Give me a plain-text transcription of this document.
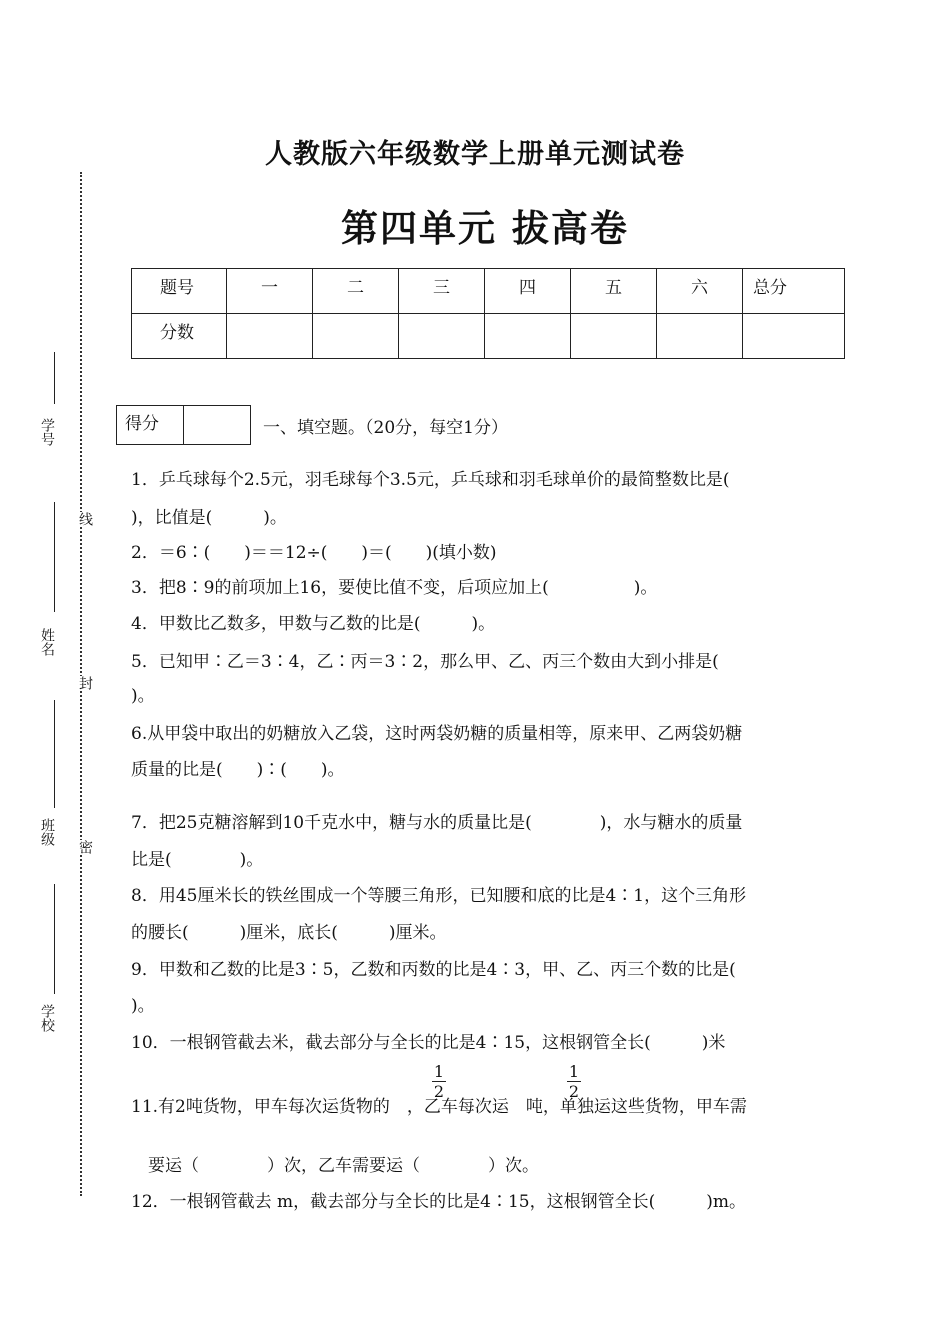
人教版六年级数学上册单元测试卷
第四单元 拔高卷
题号	一	二	三	四	五	六	总分

分数							

学号
姓名
班级
学校
线
封
密
得分	一、填空题。（20分，每空1分）
1．乒乓球每个2.5元，羽毛球每个3.5元，乒乓球和羽毛球单价的最简整数比是(
)，比值是(　　　)。
2．＝6∶(　　)＝＝12÷(　　)＝(　　)(填小数)
3．把8∶9的前项加上16，要使比值不变，后项应加上(　　　　　)。
4．甲数比乙数多，甲数与乙数的比是(　　　)。
5．已知甲∶乙＝3∶4，乙∶丙＝3∶2，那么甲、乙、丙三个数由大到小排是(
)。
6.从甲袋中取出的奶糖放入乙袋，这时两袋奶糖的质量相等，原来甲、乙两袋奶糖
质量的比是(　　)∶(　　)。
7．把25克糖溶解到10千克水中，糖与水的质量比是(　　　　)，水与糖水的质量
比是(　　　　)。
8．用45厘米长的铁丝围成一个等腰三角形，已知腰和底的比是4∶1，这个三角形
的腰长(　　　)厘米，底长(　　　)厘米。
9．甲数和乙数的比是3∶5，乙数和丙数的比是4∶3，甲、乙、丙三个数的比是(
)。
10．一根钢管截去米，截去部分与全长的比是4∶15，这根钢管全长(　　　)米
11.有2吨货物，甲车每次运货物的　，乙车每次运　吨，单独运这些货物，甲车需
　要运（　　　　）次，乙车需要运（　　　　）次。
12．一根钢管截去 m，截去部分与全长的比是4∶15，这根钢管全长(　　　)m。
1
2
1
2
